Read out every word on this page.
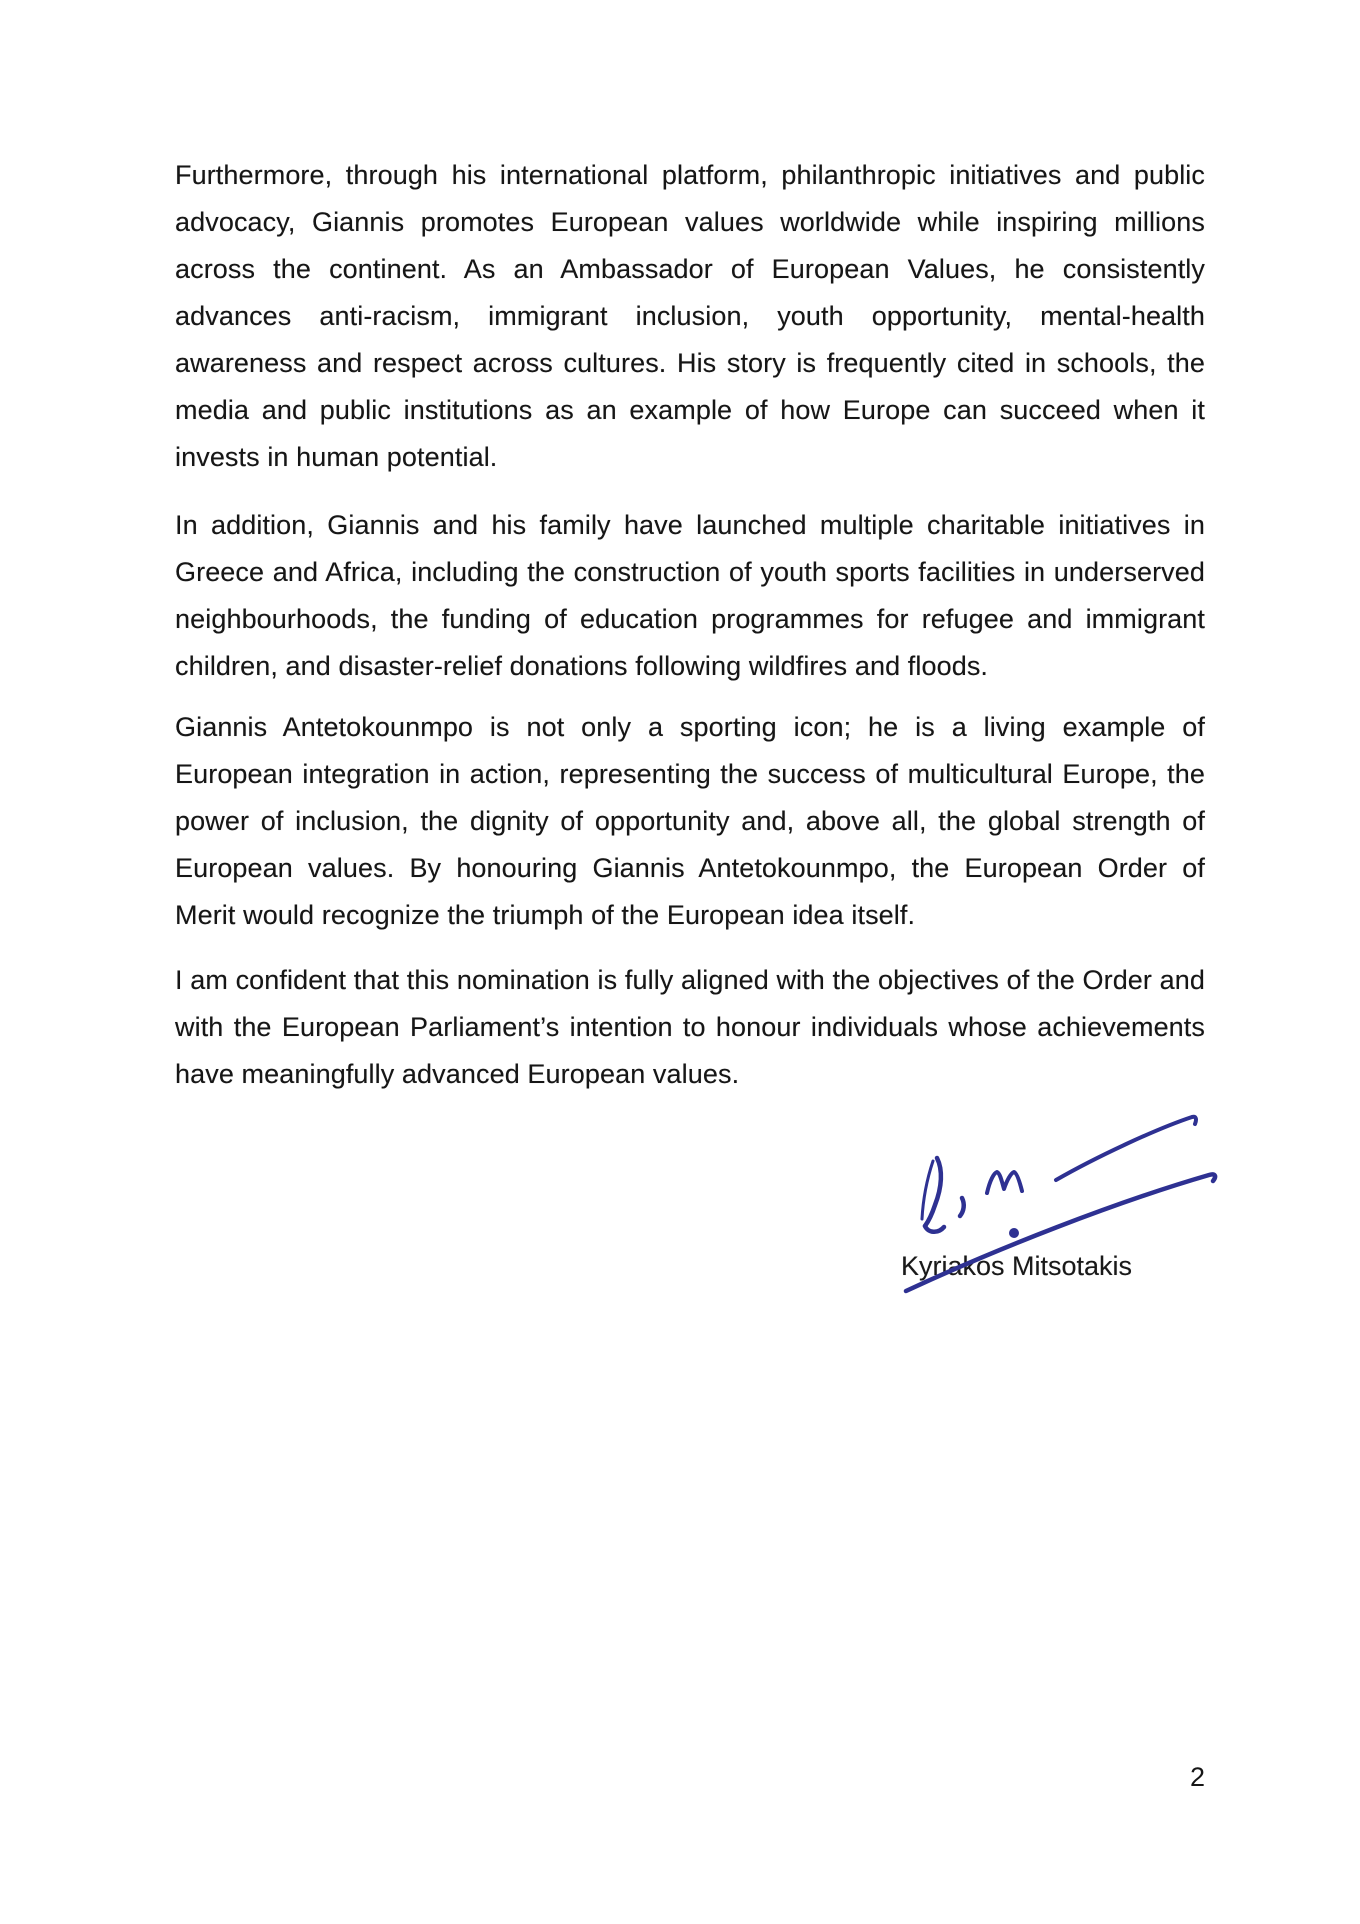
Furthermore, through his international platform, philanthropic initiatives and public advocacy, Giannis promotes European values worldwide while inspiring millions across the continent. As an Ambassador of European Values, he consistently advances anti-racism, immigrant inclusion, youth opportunity, mental-health awareness and respect across cultures. His story is frequently cited in schools, the media and public institutions as an example of how Europe can succeed when it invests in human potential.

In addition, Giannis and his family have launched multiple charitable initiatives in Greece and Africa, including the construction of youth sports facilities in underserved neighbourhoods, the funding of education programmes for refugee and immigrant children, and disaster-relief donations following wildfires and floods.

Giannis Antetokounmpo is not only a sporting icon; he is a living example of European integration in action, representing the success of multicultural Europe, the power of inclusion, the dignity of opportunity and, above all, the global strength of European values. By honouring Giannis Antetokounmpo, the European Order of Merit would recognize the triumph of the European idea itself.

I am confident that this nomination is fully aligned with the objectives of the Order and with the European Parliament’s intention to honour individuals whose achievements have meaningfully advanced European values.

Kyriakos Mitsotakis
2
